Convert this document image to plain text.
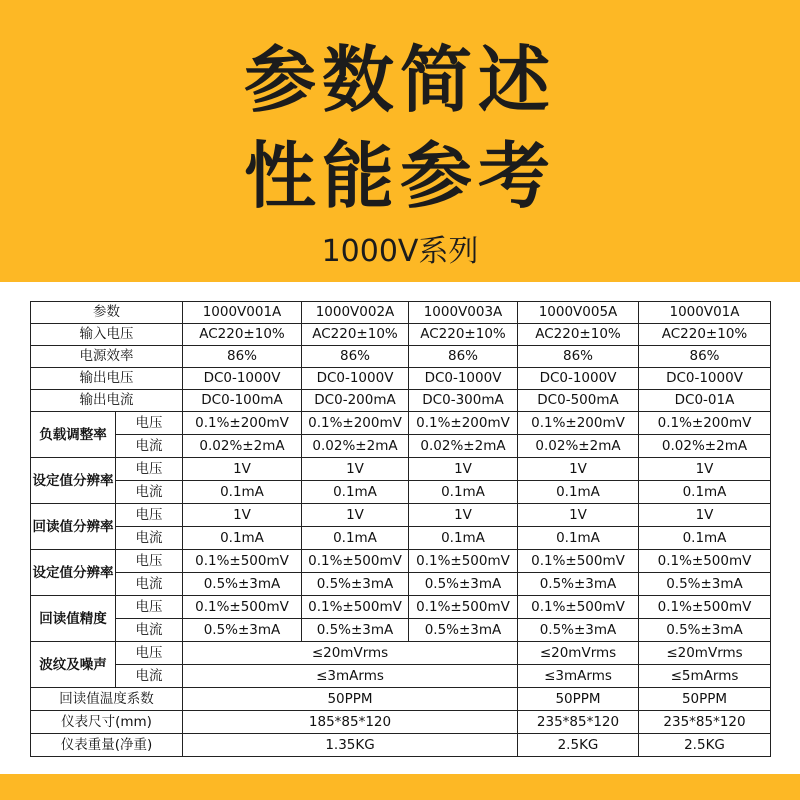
参数简述
性能参考
1000V系列
参数		1000V001A	1000V002A	1000V003A	1000V005A	1000V01A
输入电压		AC220±10%	AC220±10%	AC220±10%	AC220±10%	AC220±10%
电源效率		86%	86%	86%	86%	86%
输出电压		DC0-1000V	DC0-1000V	DC0-1000V	DC0-1000V	DC0-1000V
输出电流		DC0-100mA	DC0-200mA	DC0-300mA	DC0-500mA	DC0-01A
负载调整率	电压	0.1%±200mV	0.1%±200mV	0.1%±200mV	0.1%±200mV	0.1%±200mV
	电流	0.02%±2mA	0.02%±2mA	0.02%±2mA	0.02%±2mA	0.02%±2mA
设定值分辨率	电压	1V	1V	1V	1V	1V
	电流	0.1mA	0.1mA	0.1mA	0.1mA	0.1mA
回读值分辨率	电压	1V	1V	1V	1V	1V
	电流	0.1mA	0.1mA	0.1mA	0.1mA	0.1mA
设定值分辨率	电压	0.1%±500mV	0.1%±500mV	0.1%±500mV	0.1%±500mV	0.1%±500mV
	电流	0.5%±3mA	0.5%±3mA	0.5%±3mA	0.5%±3mA	0.5%±3mA
回读值精度	电压	0.1%±500mV	0.1%±500mV	0.1%±500mV	0.1%±500mV	0.1%±500mV
	电流	0.5%±3mA	0.5%±3mA	0.5%±3mA	0.5%±3mA	0.5%±3mA
波纹及噪声	电压	≤20mVrms			≤20mVrms	≤20mVrms
	电流	≤3mArms			≤3mArms	≤5mArms
回读值温度系数		50PPM			50PPM	50PPM
仪表尺寸(mm)		185*85*120			235*85*120	235*85*120
仪表重量(净重)		1.35KG			2.5KG	2.5KG
